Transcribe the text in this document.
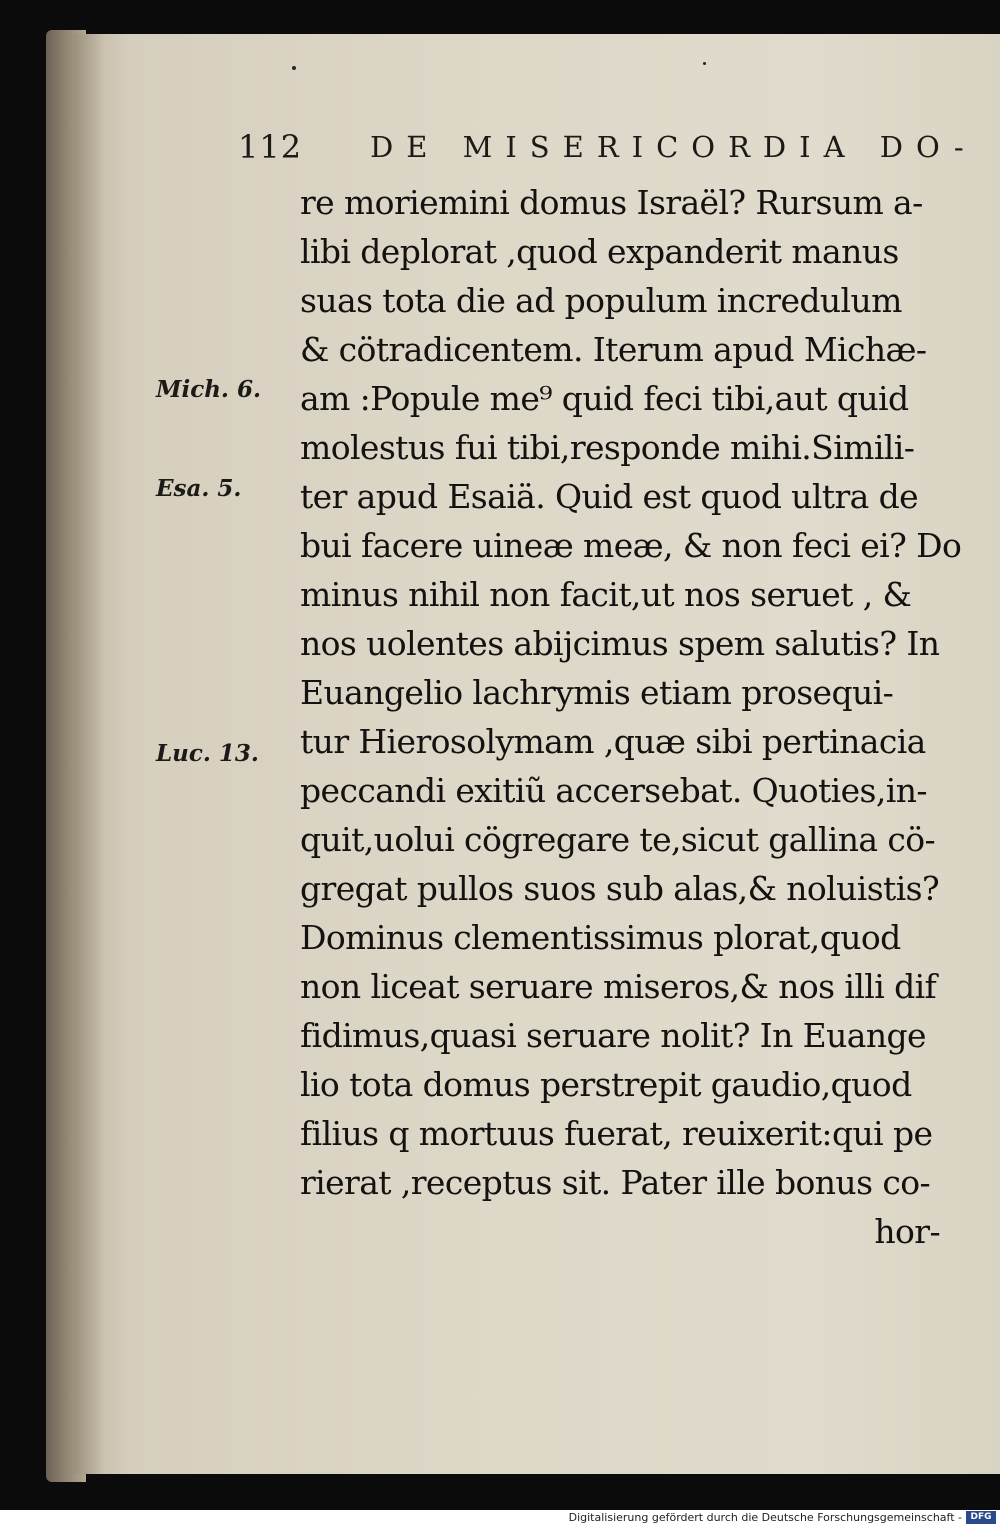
112 DE MISERICORDIA DO-
Mich. 6.
Esa. 5.
Luc. 13.
re moriemini domus Israël? Rursum a-
libi deplorat ,quod expanderit manus
suas tota die ad populum incredulum
& cötradicentem. Iterum apud Michæ-
am :Popule me⁹ quid feci tibi,aut quid
molestus fui tibi,responde mihi.Simili-
ter apud Esaiä. Quid est quod ultra de
bui facere uineæ meæ, & non feci ei? Do
minus nihil non facit,ut nos seruet , &
nos uolentes abijcimus spem salutis? In
Euangelio lachrymis etiam prosequi-
tur Hierosolymam ,quæ sibi pertinacia
peccandi exitiũ accersebat. Quoties,in-
quit,uolui cögregare te,sicut gallina cö-
gregat pullos suos sub alas,& noluistis?
Dominus clementissimus plorat,quod
non liceat seruare miseros,& nos illi dif
fidimus,quasi seruare nolit? In Euange
lio tota domus perstrepit gaudio,quod
filius q mortuus fuerat, reuixerit:qui pe
rierat ,receptus sit. Pater ille bonus co-
hor-
Digitalisierung gefördert durch die Deutsche Forschungsgemeinschaft - DFG
